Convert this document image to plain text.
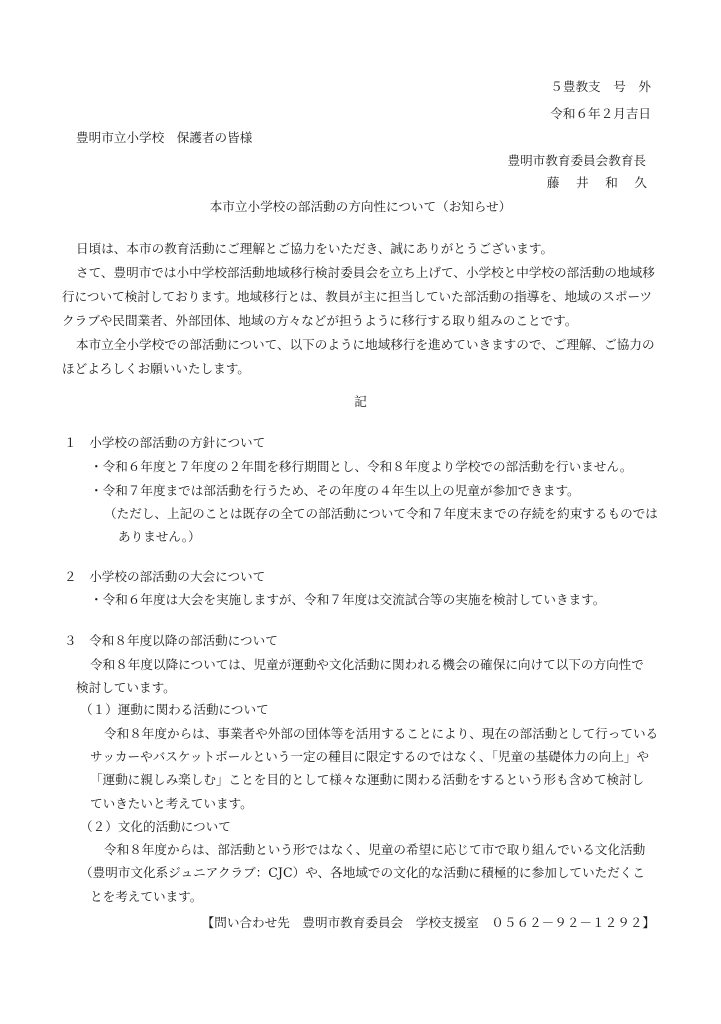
５豊教支　号　外
令和６年２月吉日
豊明市立小学校　保護者の皆様
豊明市教育委員会教育長
藤　井　和　久
本市立小学校の部活動の方向性について（お知らせ）
日頃は、本市の教育活動にご理解とご協力をいただき、誠にありがとうございます。
さて、豊明市では小中学校部活動地域移行検討委員会を立ち上げて、小学校と中学校の部活動の地域移
行について検討しております。地域移行とは、教員が主に担当していた部活動の指導を、地域のスポーツ
クラブや民間業者、外部団体、地域の方々などが担うように移行する取り組みのことです。
本市立全小学校での部活動について、以下のように地域移行を進めていきますので、ご理解、ご協力の
ほどよろしくお願いいたします。
記
１　小学校の部活動の方針について
・令和６年度と７年度の２年間を移行期間とし、令和８年度より学校での部活動を行いません。
・令和７年度までは部活動を行うため、その年度の４年生以上の児童が参加できます。
（ただし、上記のことは既存の全ての部活動について令和７年度末までの存続を約束するものでは
ありません。）
２　小学校の部活動の大会について
・令和６年度は大会を実施しますが、令和７年度は交流試合等の実施を検討していきます。
３　令和８年度以降の部活動について
令和８年度以降については、児童が運動や文化活動に関われる機会の確保に向けて以下の方向性で
検討しています。
（１）運動に関わる活動について
令和８年度からは、事業者や外部の団体等を活用することにより、現在の部活動として行っている
サッカーやバスケットボールという一定の種目に限定するのではなく、「児童の基礎体力の向上」や
「運動に親しみ楽しむ」ことを目的として様々な運動に関わる活動をするという形も含めて検討し
ていきたいと考えています。
（２）文化的活動について
令和８年度からは、部活動という形ではなく、児童の希望に応じて市で取り組んでいる文化活動
（豊明市文化系ジュニアクラブ：CJC）や、各地域での文化的な活動に積極的に参加していただくこ
とを考えています。
【問い合わせ先　豊明市教育委員会　学校支援室　０５６２－９２－１２９２】
